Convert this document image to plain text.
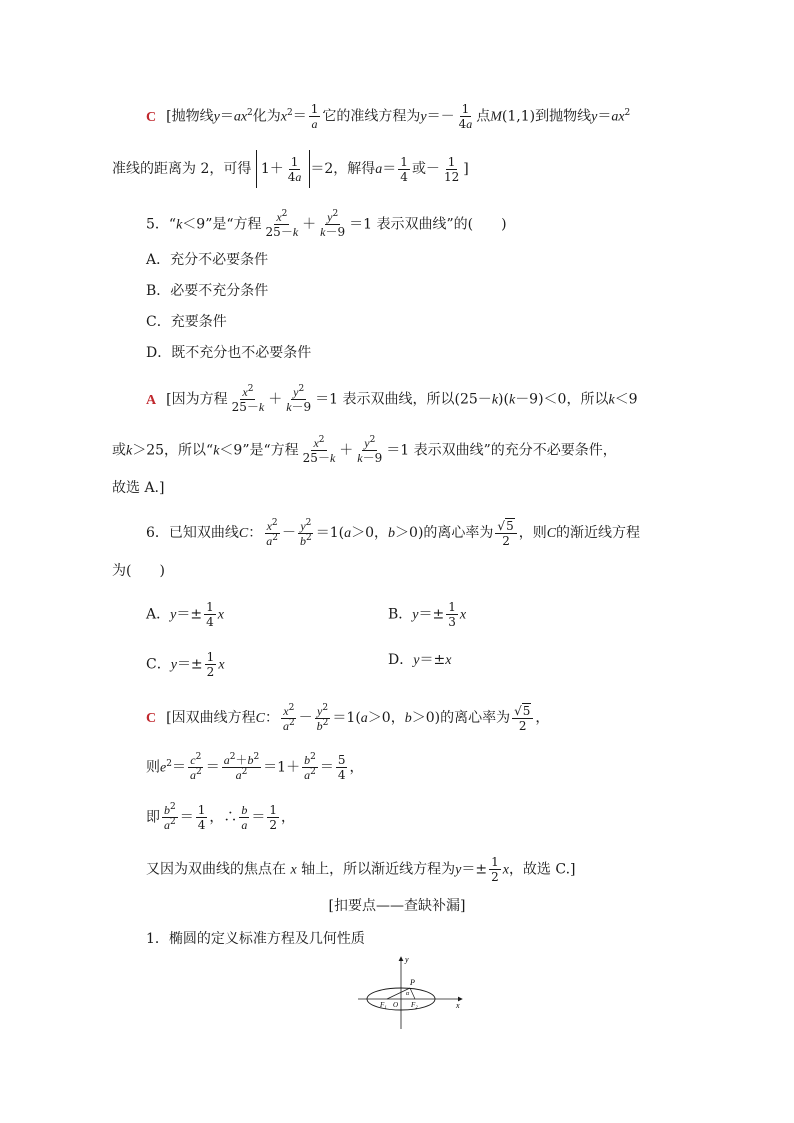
C [抛物线$y=ax^2$化为$x^2= \frac{1}{a}$ 它的准线方程为$y=- \frac{1}{4a}$ 点M(1,1)到抛物线$y=ax^2$
准线的距离为 2，可得 $1+ \frac{1}{4a} =2$，解得$a= \frac{1}{4}$ 或－ $\frac{1}{12}$ ]
5．“k＜9”是“方程 $\frac{x^2}{25-k} + \frac{y^2}{k-9} =1$ 表示双曲线”的(　　)
A．充分不必要条件
B．必要不充分条件
C．充要条件
D．既不充分也不必要条件
A [因为方程 $\frac{x^2}{25-k} + \frac{y^2}{k-9} =1$ 表示双曲线，所以(25－k)(k－9)＜0，所以k＜9
或k＞25，所以“k＜9”是“方程 $\frac{x^2}{25-k} + \frac{y^2}{k-9} =1$ 表示双曲线”的充分不必要条件，
故选 A.]
6．已知双曲线C： $\frac{x^2}{a^2} - \frac{y^2}{b^2} =1(a>0$，b＞0)的离心率为 $\frac{√5}{2}$ ，则C的渐近线方程
为(　　)
A．$y=\pm \frac{1}{4}$ x	B．$y=\pm \frac{1}{3}$ x
C．$y=\pm \frac{1}{2}$ x	D．y＝±x
C [因双曲线方程C： $\frac{x^2}{a^2} - \frac{y^2}{b^2} =1(a>0$，b＞0)的离心率为 $\frac{√5}{2}$ ，
则$e^2= \frac{c^2}{a^2} = \frac{a^2+b^2}{a^2} =1+ \frac{b^2}{a^2} = \frac{5}{4}$ ，
即 $\frac{b^2}{a^2} = \frac{1}{4}$ ，∴ $\frac{b}{a} = \frac{1}{2}$ ，
又因为双曲线的焦点在 x 轴上，所以渐近线方程为$y=\pm \frac{1}{2}$ x，故选 C.]
[扣要点——查缺补漏]
1．椭圆的定义标准方程及几何性质
y
x
P
α
F₁ O F₂
